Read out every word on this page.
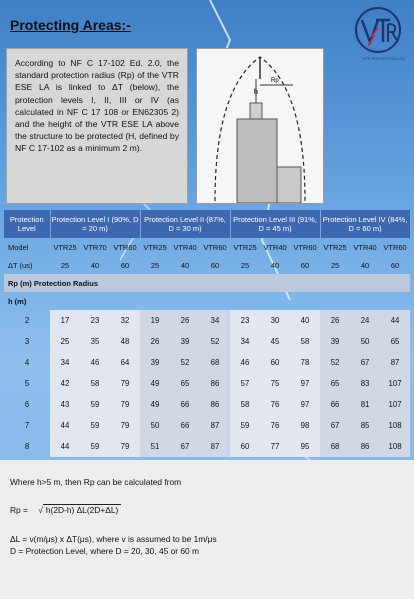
Protecting Areas:-
VTR PROTECTION LTD
According to NF C 17-102 Ed. 2.0, the standard protection radius (Rp) of the VTR ESE LA is linked to ΔT (below), the protection levels I, II, III or IV (as calculated in NF C 17 108 or EN62305 2) and the height of the VTR ESE LA above the structure to be protected (H, defined by NF C 17-102 as a minimum 2 m).
h
Rp
Protection Level	Protection Level I (90%, D = 20 m)			Protection Level II (87%, D = 30 m)			Protection Level III (91%, D = 45 m)			Protection Level IV (84%, D = 60 m)		
Model	VTR25	VTR70	VTR60	VTR25	VTR40	VTR60	VTR25	VTR40	VTR60	VTR25	VTR40	VTR60
ΔT (us)	25	40	60	25	40	60	25	40	60	25	40	60
Rp (m) Protection Radius												
h (m)												
2	17	23	32	19	26	34	23	30	40	26	24	44
3	25	35	48	26	39	52	34	45	58	39	50	65
4	34	46	64	39	52	68	46	60	78	52	67	87
5	42	58	79	49	65	86	57	75	97	65	83	107
6	43	59	79	49	66	86	58	76	97	66	81	107
7	44	59	79	50	66	87	59	76	98	67	85	108
8	44	59	79	51	67	87	60	77	95	68	86	108
Where h>5 m, then Rp can be calculated from
Rp = √ h(2D-h) ΔL(2D+ΔL)
ΔL = v(m/μs) x ΔT(μs), where v is assumed to be 1m/μs
D = Protection Level, where D = 20, 30, 45 or 60 m
